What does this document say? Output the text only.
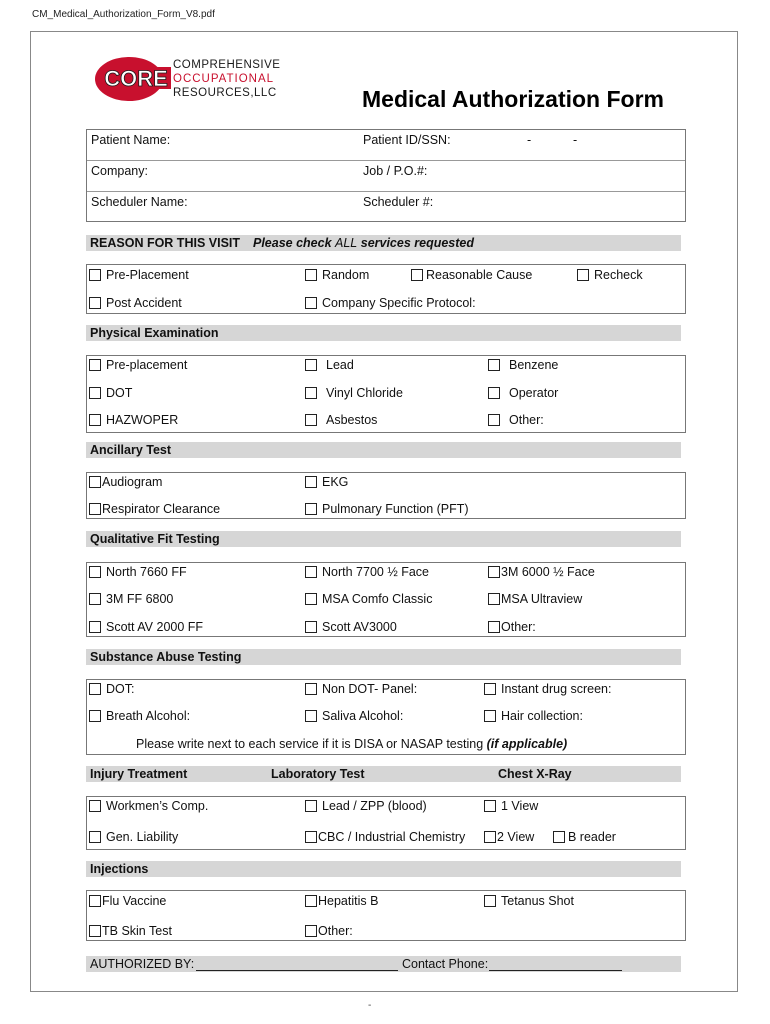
CM_Medical_Authorization_Form_V8.pdf
CORE
COMPREHENSIVE
OCCUPATIONAL
RESOURCES,LLC	Medical Authorization Form
Patient Name:	Patient ID/SSN:	-	-
Company:	Job / P.O.#:
Scheduler Name:	Scheduler #:
REASON FOR THIS VISIT Please check ALL services requested
Pre-Placement	Random	Reasonable Cause	Recheck
Post Accident	Company Specific Protocol:
Physical Examination
Pre-placement	Lead	Benzene
DOT	Vinyl Chloride	Operator
HAZWOPER	Asbestos	Other:
Ancillary Test
Audiogram	EKG
Respirator Clearance	Pulmonary Function (PFT)
Qualitative Fit Testing
North 7660 FF	North 7700 ½ Face	3M 6000 ½ Face
3M FF 6800	MSA Comfo Classic	MSA Ultraview
Scott AV 2000 FF	Scott AV3000	Other:
Substance Abuse Testing
DOT:	Non DOT- Panel:	Instant drug screen:
Breath Alcohol:	Saliva Alcohol:	Hair collection:
Please write next to each service if it is DISA or NASAP testing (if applicable)
Injury Treatment	Laboratory Test	Chest X-Ray
Workmen’s Comp.	Lead / ZPP (blood)	1 View
Gen. Liability	CBC / Industrial Chemistry	2 View	B reader
Injections
Flu Vaccine	Hepatitis B	Tetanus Shot
TB Skin Test	Other:
AUTHORIZED BY:	Contact Phone:
-
